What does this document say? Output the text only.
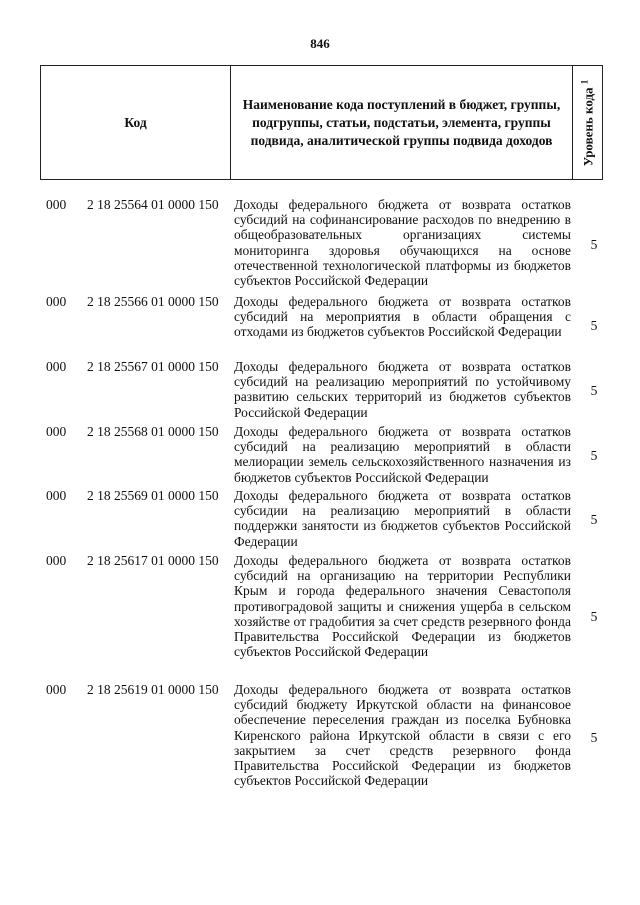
846
Код
Наименование кода поступлений в бюджет, группы, подгруппы, статьи, подстатьи, элемента, группы подвида, аналитической группы подвида доходов	Уровень кода $^1$
000 2 18 25564 01 0000 150 Доходы федерального бюджета от возврата остатков субсидий на софинансирование расходов по внедрению в общеобразовательных организациях системы мониторинга здоровья обучающихся на основе отечественной технологической платформы из бюджетов субъектов Российской Федерации
5
000 2 18 25566 01 0000 150 Доходы федерального бюджета от возврата остатков субсидий на мероприятия в области обращения с отходами из бюджетов субъектов Российской Федерации	5
000 2 18 25567 01 0000 150 Доходы федерального бюджета от возврата остатков субсидий на реализацию мероприятий по устойчивому развитию сельских территорий из бюджетов субъектов Российской Федерации
5
000 2 18 25568 01 0000 150 Доходы федерального бюджета от возврата остатков субсидий на реализацию мероприятий в области мелиорации земель сельскохозяйственного назначения из бюджетов субъектов Российской Федерации
5
000 2 18 25569 01 0000 150 Доходы федерального бюджета от возврата остатков субсидии на реализацию мероприятий в области поддержки занятости из бюджетов субъектов Российской Федерации
5
000 2 18 25617 01 0000 150 Доходы федерального бюджета от возврата остатков субсидий на организацию на территории Республики Крым и города федерального значения Севастополя противоградовой защиты и снижения ущерба в сельском хозяйстве от градобития за счет средств резервного фонда Правительства Российской Федерации из бюджетов субъектов Российской Федерации
5
000 2 18 25619 01 0000 150 Доходы федерального бюджета от возврата остатков субсидий бюджету Иркутской области на финансовое обеспечение переселения граждан из поселка Бубновка Киренского района Иркутской области в связи с его закрытием за счет средств резервного фонда Правительства Российской Федерации из бюджетов субъектов Российской Федерации
5
